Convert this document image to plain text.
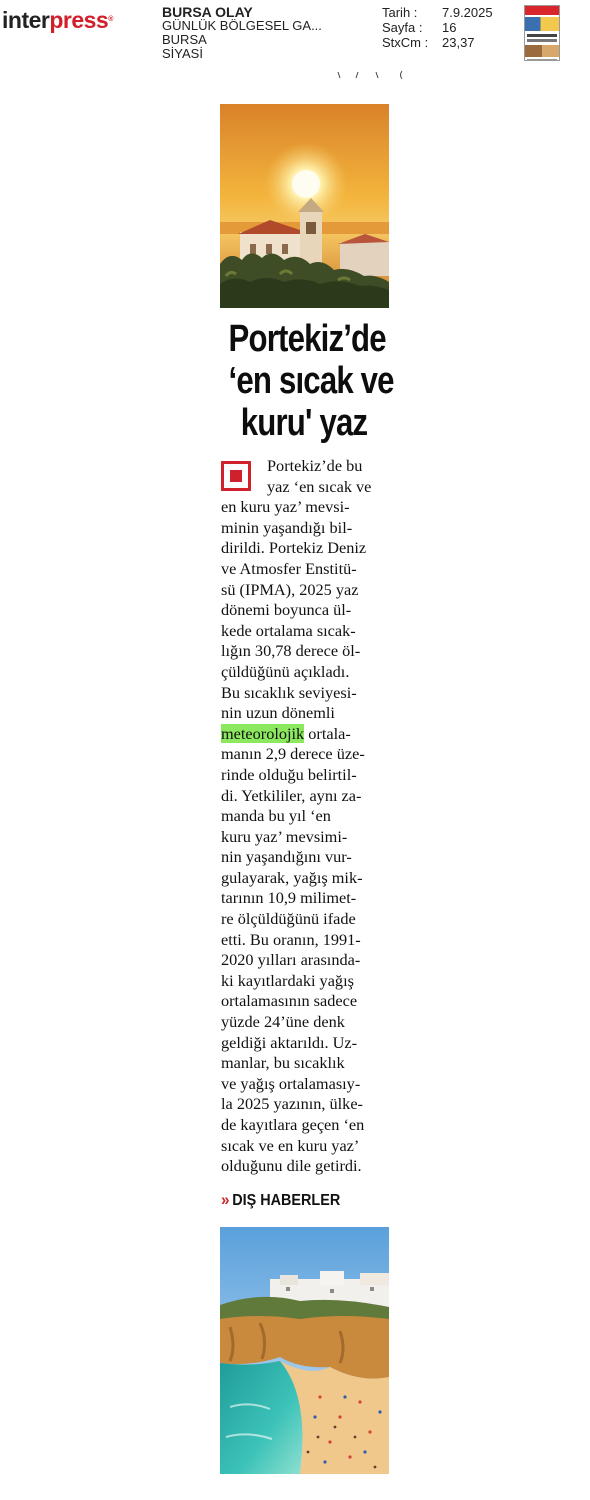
interpress®	BURSA OLAY
GÜNLÜK BÖLGESEL GA...
BURSA
SİYASİ
Tarih :	7.9.2025
Sayfa :	16
StxCm :	23,37
Portekiz’de
‘en sıcak ve
kuru' yaz
Portekiz’de bu
yaz ‘en sıcak ve
en kuru yaz’ mevsi-
minin yaşandığı bil-
dirildi. Portekiz Deniz
ve Atmosfer Enstitü-
sü (IPMA), 2025 yaz
dönemi boyunca ül-
kede ortalama sıcak-
lığın 30,78 derece öl-
çüldüğünü açıkladı.
Bu sıcaklık seviyesi-
nin uzun dönemli
meteorolojik ortala-
manın 2,9 derece üze-
rinde olduğu belirtil-
di. Yetkililer, aynı za-
manda bu yıl ‘en
kuru yaz’ mevsimi-
nin yaşandığını vur-
gulayarak, yağış mik-
tarının 10,9 milimet-
re ölçüldüğünü ifade
etti. Bu oranın, 1991-
2020 yılları arasında-
ki kayıtlardaki yağış
ortalamasının sadece
yüzde 24’üne denk
geldiği aktarıldı. Uz-
manlar, bu sıcaklık
ve yağış ortalamasıy-
la 2025 yazının, ülke-
de kayıtlara geçen ‘en
sıcak ve en kuru yaz’
olduğunu dile getirdi.
» DIŞ HABERLER
